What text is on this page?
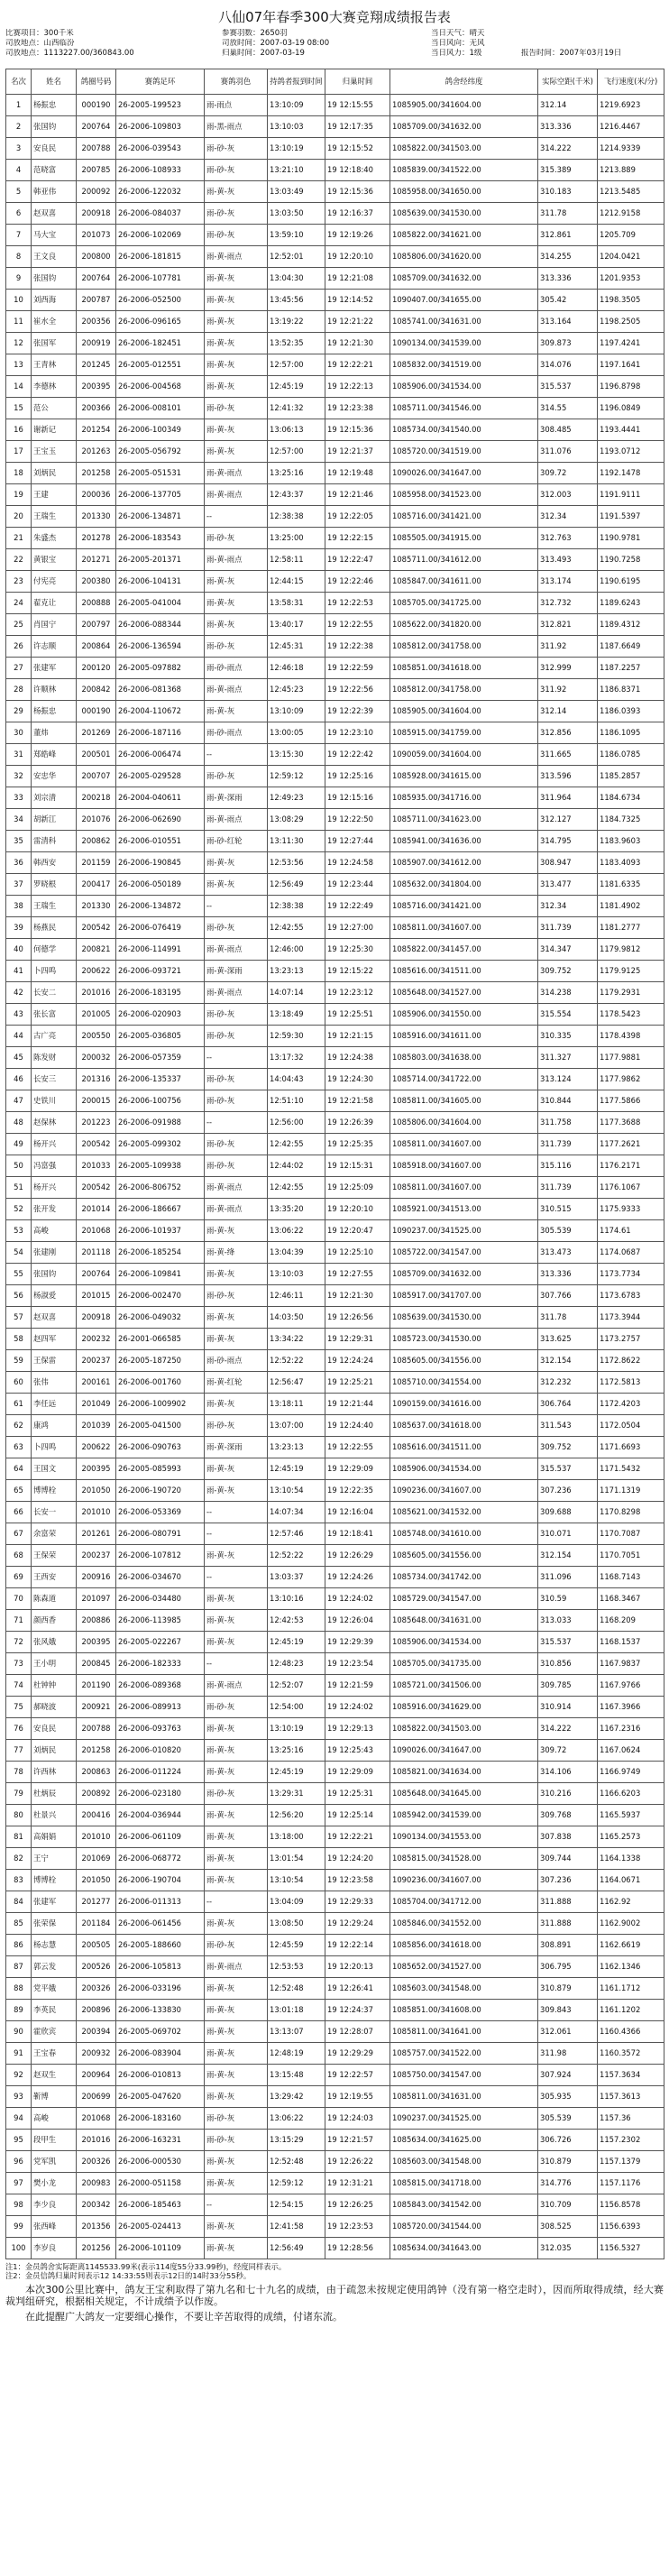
八仙07年春季300大赛竞翔成绩报告表
比赛项目：300千米	参赛羽数：2650羽	当日天气：晴天
司放地点：山西临汾	司放时间：2007-03-19 08:00	当日风向：无风
司放地点：1113227.00/360843.00	归巢时间：2007-03-19	当日风力：1级	报告时间：2007年03月19日
名次	姓名	鸽圈号码	赛鸽足环	赛鸽羽色	持鸽者报到时间	归巢时间	鸽舍经纬度	实际空距(千米)	飞行速度(米/分)
1	杨振忠	000190	26-2005-199523	雨-雨点	13:10:09	19 12:15:55	1085905.00/341604.00	312.14	1219.6923
2	张国钧	200764	26-2006-109803	雨-黑-雨点	13:10:03	19 12:17:35	1085709.00/341632.00	313.336	1216.4467
3	安良民	200788	26-2006-039543	雨-砂-灰	13:10:19	19 12:15:52	1085822.00/341503.00	314.222	1214.9339
4	范晓富	200785	26-2006-108933	雨-砂-灰	13:21:10	19 12:18:40	1085839.00/341522.00	315.389	1213.889
5	韩亚伟	200092	26-2006-122032	雨-黄-灰	13:03:49	19 12:15:36	1085958.00/341650.00	310.183	1213.5485
6	赵双喜	200918	26-2006-084037	雨-砂-灰	13:03:50	19 12:16:37	1085639.00/341530.00	311.78	1212.9158
7	马大宝	201073	26-2006-102069	雨-砂-灰	13:59:10	19 12:19:26	1085822.00/341621.00	312.861	1205.709
8	王文良	200800	26-2006-181815	雨-黄-雨点	12:52:01	19 12:20:10	1085806.00/341620.00	314.255	1204.0421
9	张国钧	200764	26-2006-107781	雨-黄-灰	13:04:30	19 12:21:08	1085709.00/341632.00	313.336	1201.9353
10	刘西海	200787	26-2006-052500	雨-黄-灰	13:45:56	19 12:14:52	1090407.00/341655.00	305.42	1198.3505
11	崔水全	200356	26-2006-096165	雨-黄-灰	13:19:22	19 12:21:22	1085741.00/341631.00	313.164	1198.2505
12	张国军	200919	26-2006-182451	雨-黄-灰	13:52:35	19 12:21:30	1090134.00/341539.00	309.873	1197.4241
13	王青林	201245	26-2005-012551	雨-黄-灰	12:57:00	19 12:22:21	1085832.00/341519.00	314.076	1197.1641
14	李德林	200395	26-2006-004568	雨-黄-灰	12:45:19	19 12:22:13	1085906.00/341534.00	315.537	1196.8798
15	范公	200366	26-2006-008101	雨-砂-灰	12:41:32	19 12:23:38	1085711.00/341546.00	314.55	1196.0849
16	谢新记	201254	26-2006-100349	雨-黄-灰	13:06:13	19 12:15:36	1085734.00/341540.00	308.485	1193.4441
17	王宝玉	201263	26-2005-056792	雨-黄-灰	12:57:00	19 12:21:37	1085720.00/341519.00	311.076	1193.0712
18	刘炳民	201258	26-2005-051531	雨-黄-雨点	13:25:16	19 12:19:48	1090026.00/341647.00	309.72	1192.1478
19	王建	200036	26-2006-137705	雨-黄-雨点	12:43:37	19 12:21:46	1085958.00/341523.00	312.003	1191.9111
20	王瑞生	201330	26-2006-134871	--	12:38:38	19 12:22:05	1085716.00/341421.00	312.34	1191.5397
21	朱盛杰	201278	26-2006-183543	雨-砂-灰	13:25:00	19 12:22:15	1085505.00/341915.00	312.763	1190.9781
22	黄银宝	201271	26-2005-201371	雨-黄-雨点	12:58:11	19 12:22:47	1085711.00/341612.00	313.493	1190.7258
23	付宪亮	200380	26-2006-104131	雨-黄-灰	12:44:15	19 12:22:46	1085847.00/341611.00	313.174	1190.6195
24	翟克让	200888	26-2005-041004	雨-黄-灰	13:58:31	19 12:22:53	1085705.00/341725.00	312.732	1189.6243
25	肖国宁	200797	26-2006-088344	雨-黄-灰	13:40:17	19 12:22:55	1085622.00/341820.00	312.821	1189.4312
26	许志顺	200864	26-2006-136594	雨-砂-灰	12:45:31	19 12:22:38	1085812.00/341758.00	311.92	1187.6649
27	张建军	200120	26-2005-097882	雨-砂-雨点	12:46:18	19 12:22:59	1085851.00/341618.00	312.999	1187.2257
28	许顺林	200842	26-2006-081368	雨-黄-雨点	12:45:23	19 12:22:56	1085812.00/341758.00	311.92	1186.8371
29	杨振忠	000190	26-2004-110672	雨-黄-灰	13:10:09	19 12:22:39	1085905.00/341604.00	312.14	1186.0393
30	董炜	201269	26-2006-187116	雨-砂-雨点	13:00:05	19 12:23:10	1085915.00/341759.00	312.856	1186.1095
31	郑皓峰	200501	26-2006-006474	--	13:15:30	19 12:22:42	1090059.00/341604.00	311.665	1186.0785
32	安忠华	200707	26-2005-029528	雨-砂-灰	12:59:12	19 12:25:16	1085928.00/341615.00	313.596	1185.2857
33	刘宗清	200218	26-2004-040611	雨-黄-深雨	12:49:23	19 12:15:16	1085935.00/341716.00	311.964	1184.6734
34	胡新江	201076	26-2006-062690	雨-黄-雨点	13:08:29	19 12:22:50	1085711.00/341623.00	312.127	1184.7325
35	雷清科	200862	26-2006-010551	雨-砂-红轮	13:11:30	19 12:27:44	1085941.00/341636.00	314.795	1183.9603
36	韩西安	201159	26-2006-190845	雨-黄-灰	12:53:56	19 12:24:58	1085907.00/341612.00	308.947	1183.4093
37	罗晓根	200417	26-2006-050189	雨-黄-灰	12:56:49	19 12:23:44	1085632.00/341804.00	313.477	1181.6335
38	王瑞生	201330	26-2006-134872	--	12:38:38	19 12:22:49	1085716.00/341421.00	312.34	1181.4902
39	杨燕民	200542	26-2006-076419	雨-砂-灰	12:42:55	19 12:27:00	1085811.00/341607.00	311.739	1181.2777
40	何德学	200821	26-2006-114991	雨-黄-雨点	12:46:00	19 12:25:30	1085822.00/341457.00	314.347	1179.9812
41	卜四鸣	200622	26-2006-093721	雨-黄-深雨	13:23:13	19 12:15:22	1085616.00/341511.00	309.752	1179.9125
42	长安二	201016	26-2006-183195	雨-黄-雨点	14:07:14	19 12:23:12	1085648.00/341527.00	314.238	1179.2931
43	张长富	201005	26-2006-020903	雨-砂-灰	13:18:49	19 12:25:51	1085906.00/341550.00	315.554	1178.5423
44	古广亮	200550	26-2005-036805	雨-砂-灰	12:59:30	19 12:21:15	1085916.00/341611.00	310.335	1178.4398
45	陈发财	200032	26-2006-057359	--	13:17:32	19 12:24:38	1085803.00/341638.00	311.327	1177.9881
46	长安三	201316	26-2006-135337	雨-砂-灰	14:04:43	19 12:24:30	1085714.00/341722.00	313.124	1177.9862
47	史铁川	200015	26-2006-100756	雨-砂-灰	12:51:10	19 12:21:58	1085811.00/341605.00	310.844	1177.5866
48	赵保林	201223	26-2006-091988	--	12:56:00	19 12:26:39	1085806.00/341604.00	311.758	1177.3688
49	杨开兴	200542	26-2005-099302	雨-砂-灰	12:42:55	19 12:25:35	1085811.00/341607.00	311.739	1177.2621
50	冯富强	201033	26-2005-109938	雨-砂-灰	12:44:02	19 12:15:31	1085918.00/341607.00	315.116	1176.2171
51	杨开兴	200542	26-2006-806752	雨-黄-雨点	12:42:55	19 12:25:09	1085811.00/341607.00	311.739	1176.1067
52	张开发	201014	26-2006-186667	雨-黄-雨点	13:35:20	19 12:20:10	1085921.00/341513.00	310.515	1175.9333
53	高峻	201068	26-2006-101937	雨-黄-灰	13:06:22	19 12:20:47	1090237.00/341525.00	305.539	1174.61
54	张建刚	201118	26-2006-185254	雨-黄-绛	13:04:39	19 12:25:10	1085722.00/341547.00	313.473	1174.0687
55	张国钧	200764	26-2006-109841	雨-黄-灰	13:10:03	19 12:27:55	1085709.00/341632.00	313.336	1173.7734
56	杨淑爱	201015	26-2006-002470	雨-砂-灰	12:46:11	19 12:21:30	1085917.00/341707.00	307.766	1173.6783
57	赵双喜	200918	26-2006-049032	雨-黄-灰	14:03:50	19 12:26:56	1085639.00/341530.00	311.78	1173.3944
58	赵四军	200232	26-2001-066585	雨-黄-灰	13:34:22	19 12:29:31	1085723.00/341530.00	313.625	1173.2757
59	王保雷	200237	26-2005-187250	雨-砂-雨点	12:52:22	19 12:24:24	1085605.00/341556.00	312.154	1172.8622
60	张伟	200161	26-2006-001760	雨-黄-红轮	12:56:47	19 12:25:21	1085710.00/341554.00	312.232	1172.5813
61	李任远	201049	26-2006-1009902	雨-黄-灰	13:18:11	19 12:21:44	1090159.00/341616.00	306.764	1172.4203
62	康鸿	201039	26-2005-041500	雨-砂-灰	13:07:00	19 12:24:40	1085637.00/341618.00	311.543	1172.0504
63	卜四鸣	200622	26-2006-090763	雨-黄-深雨	13:23:13	19 12:22:55	1085616.00/341511.00	309.752	1171.6693
64	王国文	200395	26-2005-085993	雨-黄-灰	12:45:19	19 12:29:09	1085906.00/341534.00	315.537	1171.5432
65	博博栓	201050	26-2006-190720	雨-黄-灰	13:10:54	19 12:22:35	1090236.00/341607.00	307.236	1171.1319
66	长安一	201010	26-2006-053369	--	14:07:34	19 12:16:04	1085621.00/341532.00	309.688	1170.8298
67	余富荣	201261	26-2006-080791	--	12:57:46	19 12:18:41	1085748.00/341610.00	310.071	1170.7087
68	王保荣	200237	26-2006-107812	雨-黄-灰	12:52:22	19 12:26:29	1085605.00/341556.00	312.154	1170.7051
69	王西安	200916	26-2006-034670	--	13:03:37	19 12:24:26	1085734.00/341742.00	311.096	1168.7143
70	陈森道	201097	26-2006-034480	雨-黄-灰	13:10:16	19 12:24:02	1085729.00/341547.00	310.59	1168.3467
71	颜西香	200886	26-2006-113985	雨-黄-灰	12:42:53	19 12:26:04	1085648.00/341631.00	313.033	1168.209
72	张风娥	200395	26-2005-022267	雨-黄-灰	12:45:19	19 12:29:39	1085906.00/341534.00	315.537	1168.1537
73	王小明	200845	26-2006-182333	--	12:48:23	19 12:23:54	1085705.00/341735.00	310.856	1167.9837
74	杜钟钟	201190	26-2006-089368	雨-黄-雨点	12:52:07	19 12:21:59	1085721.00/341506.00	309.785	1167.9766
75	郝晓波	200921	26-2006-089913	雨-砂-灰	12:54:00	19 12:24:02	1085916.00/341629.00	310.914	1167.3966
76	安良民	200788	26-2006-093763	雨-黄-灰	13:10:19	19 12:29:13	1085822.00/341503.00	314.222	1167.2316
77	刘炳民	201258	26-2006-010820	雨-黄-灰	13:25:16	19 12:25:43	1090026.00/341647.00	309.72	1167.0624
78	许西林	200863	26-2006-011224	雨-黄-灰	12:45:19	19 12:29:09	1085821.00/341634.00	314.106	1166.9749
79	杜炳辰	200892	26-2006-023180	雨-砂-灰	13:29:31	19 12:25:31	1085648.00/341645.00	310.216	1166.6203
80	杜景兴	200416	26-2004-036944	雨-黄-灰	12:56:20	19 12:25:14	1085942.00/341539.00	309.768	1165.5937
81	高娟娟	201010	26-2006-061109	雨-黄-灰	13:18:00	19 12:22:21	1090134.00/341553.00	307.838	1165.2573
82	王宁	201069	26-2006-068772	雨-黄-灰	13:01:54	19 12:24:20	1085815.00/341528.00	309.744	1164.1338
83	博博栓	201050	26-2006-190704	雨-黄-灰	13:10:54	19 12:23:58	1090236.00/341607.00	307.236	1164.0671
84	张建军	201277	26-2006-011313	--	13:04:09	19 12:29:33	1085704.00/341712.00	311.888	1162.92
85	张荣保	201184	26-2006-061456	雨-黄-灰	13:08:50	19 12:29:24	1085846.00/341552.00	311.888	1162.9002
86	杨志慧	200505	26-2005-188660	雨-砂-灰	12:45:59	19 12:22:14	1085856.00/341618.00	308.891	1162.6619
87	郭云发	200526	26-2006-105813	雨-黄-雨点	12:53:53	19 12:20:13	1085652.00/341527.00	306.795	1162.1346
88	党平娥	200326	26-2006-033196	雨-黄-灰	12:52:48	19 12:26:41	1085603.00/341548.00	310.879	1161.1712
89	李英民	200896	26-2006-133830	雨-黄-灰	13:01:18	19 12:24:37	1085851.00/341608.00	309.843	1161.1202
90	霍欣宾	200394	26-2005-069702	雨-黄-灰	13:13:07	19 12:28:07	1085811.00/341641.00	312.061	1160.4366
91	王宝春	200932	26-2006-083904	雨-黄-灰	12:48:19	19 12:29:29	1085757.00/341522.00	311.98	1160.3572
92	赵双生	200964	26-2006-010813	雨-黄-灰	13:15:48	19 12:22:57	1085750.00/341547.00	307.924	1157.3634
93	靳博	200699	26-2005-047620	雨-黄-灰	13:29:42	19 12:19:55	1085811.00/341631.00	305.935	1157.3613
94	高峻	201068	26-2006-183160	雨-砂-灰	13:06:22	19 12:24:03	1090237.00/341525.00	305.539	1157.36
95	段甲生	201016	26-2006-163231	雨-砂-灰	13:15:29	19 12:21:57	1085634.00/341625.00	306.726	1157.2302
96	党军凯	200326	26-2006-000530	雨-黄-灰	12:52:48	19 12:26:22	1085603.00/341548.00	310.879	1157.1379
97	樊小龙	200983	26-2000-051158	雨-黄-灰	12:59:12	19 12:31:21	1085815.00/341718.00	314.776	1157.1176
98	李少良	200342	26-2006-185463	--	12:54:15	19 12:26:25	1085843.00/341542.00	310.709	1156.8578
99	张西峰	201356	26-2005-024413	雨-黄-灰	12:41:58	19 12:23:53	1085720.00/341544.00	308.525	1156.6393
100	李岁良	201256	26-2006-101109	雨-黄-灰	12:56:49	19 12:28:56	1085634.00/341643.00	312.035	1156.5327
注1：金员鸽舍实际距离1145533.99米(表示114度55分33.99秒)，经度同样表示。
注2：金员信鸽归巢时间表示12 14:33:55则表示12日的14时33分55秒。
本次300公里比赛中，鸽友王宝利取得了第九名和七十九名的成绩，由于疏忽未按规定使用鸽钟（没有第一格空走时），因而所取得成绩，经大赛裁判组研究，根据相关规定，不计成绩予以作废。
在此提醒广大鸽友一定要细心操作，不要让辛苦取得的成绩，付诸东流。
